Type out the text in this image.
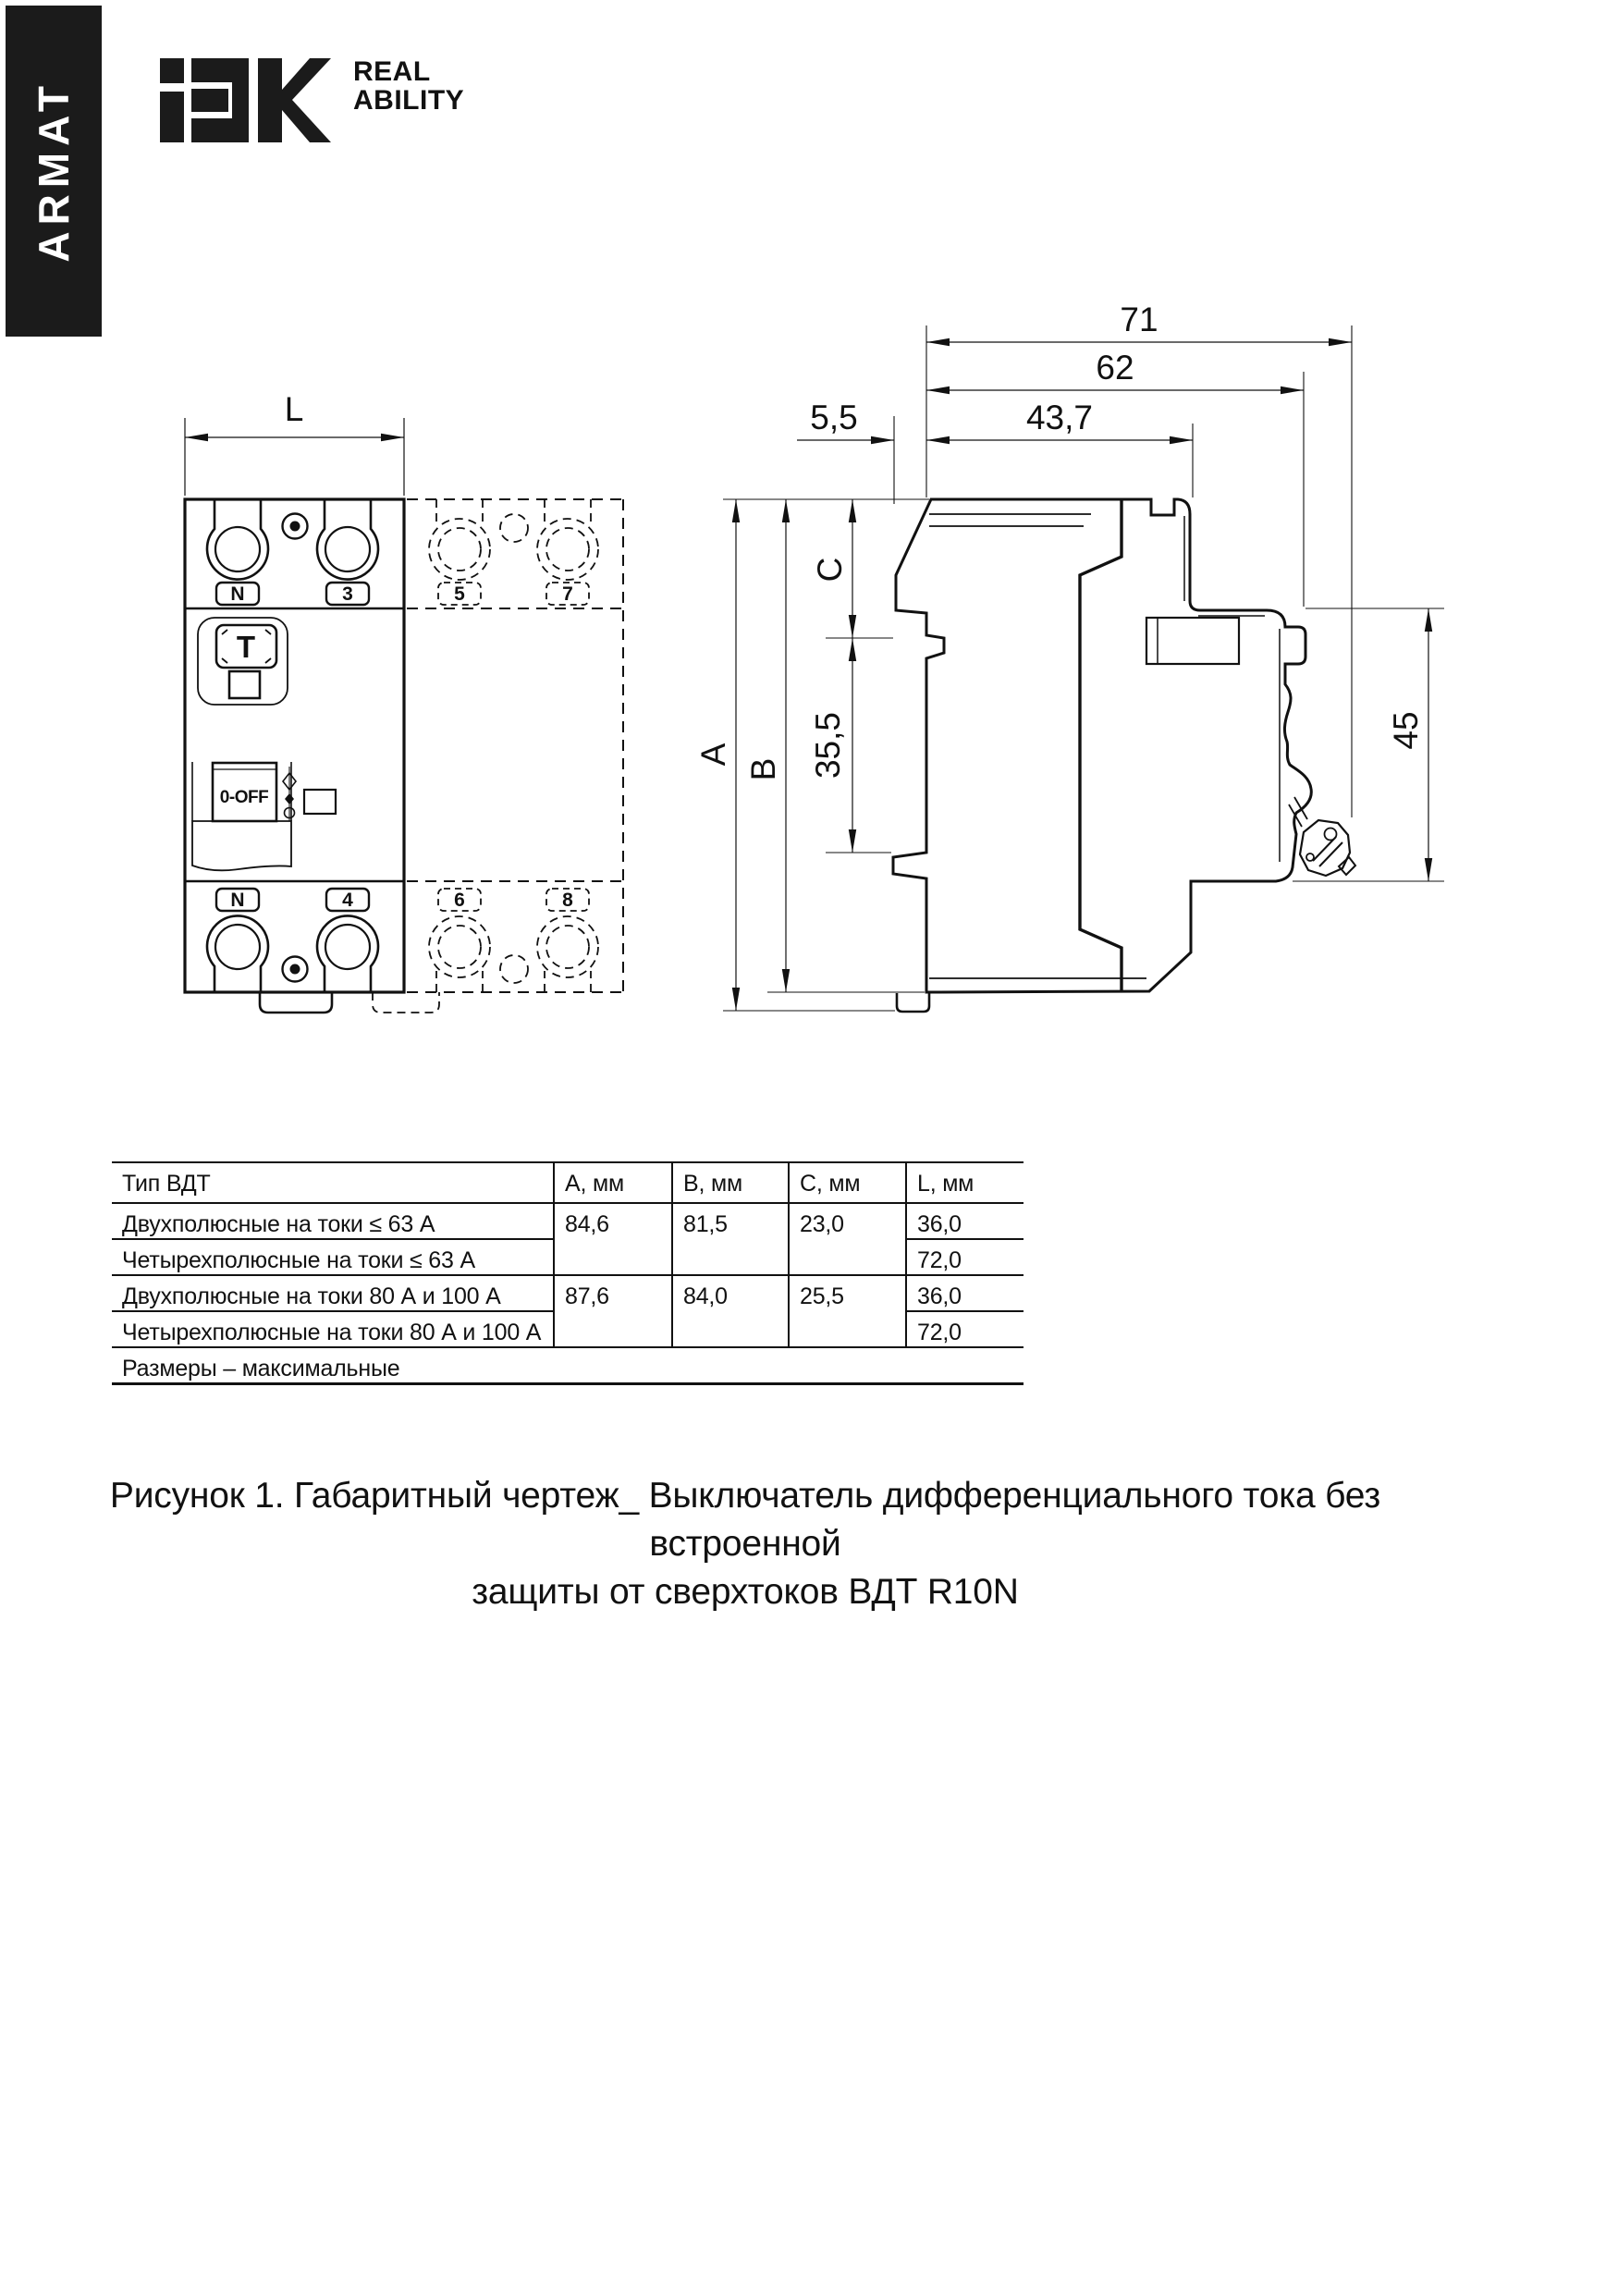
ARMAT
REAL
ABILITY
L
N	3	5	7
N	4	6	8
T
0-OFF
71
62
43,7
5,5
A
B
C
35,5	45
Тип ВДТ	A, мм	B, мм	C, мм	L, мм
Двухполюсные на токи ≤ 63 А	84,6	81,5	23,0	36,0
Четырехполюсные на токи ≤ 63 А				72,0
Двухполюсные на токи 80 А и 100 А	87,6	84,0	25,5	36,0
Четырехполюсные на токи 80 А и 100 А				72,0
Размеры – максимальные				
Рисунок 1. Габаритный чертеж_ Выключатель дифференциального тока без встроенной
защиты от сверхтоков ВДТ R10N
